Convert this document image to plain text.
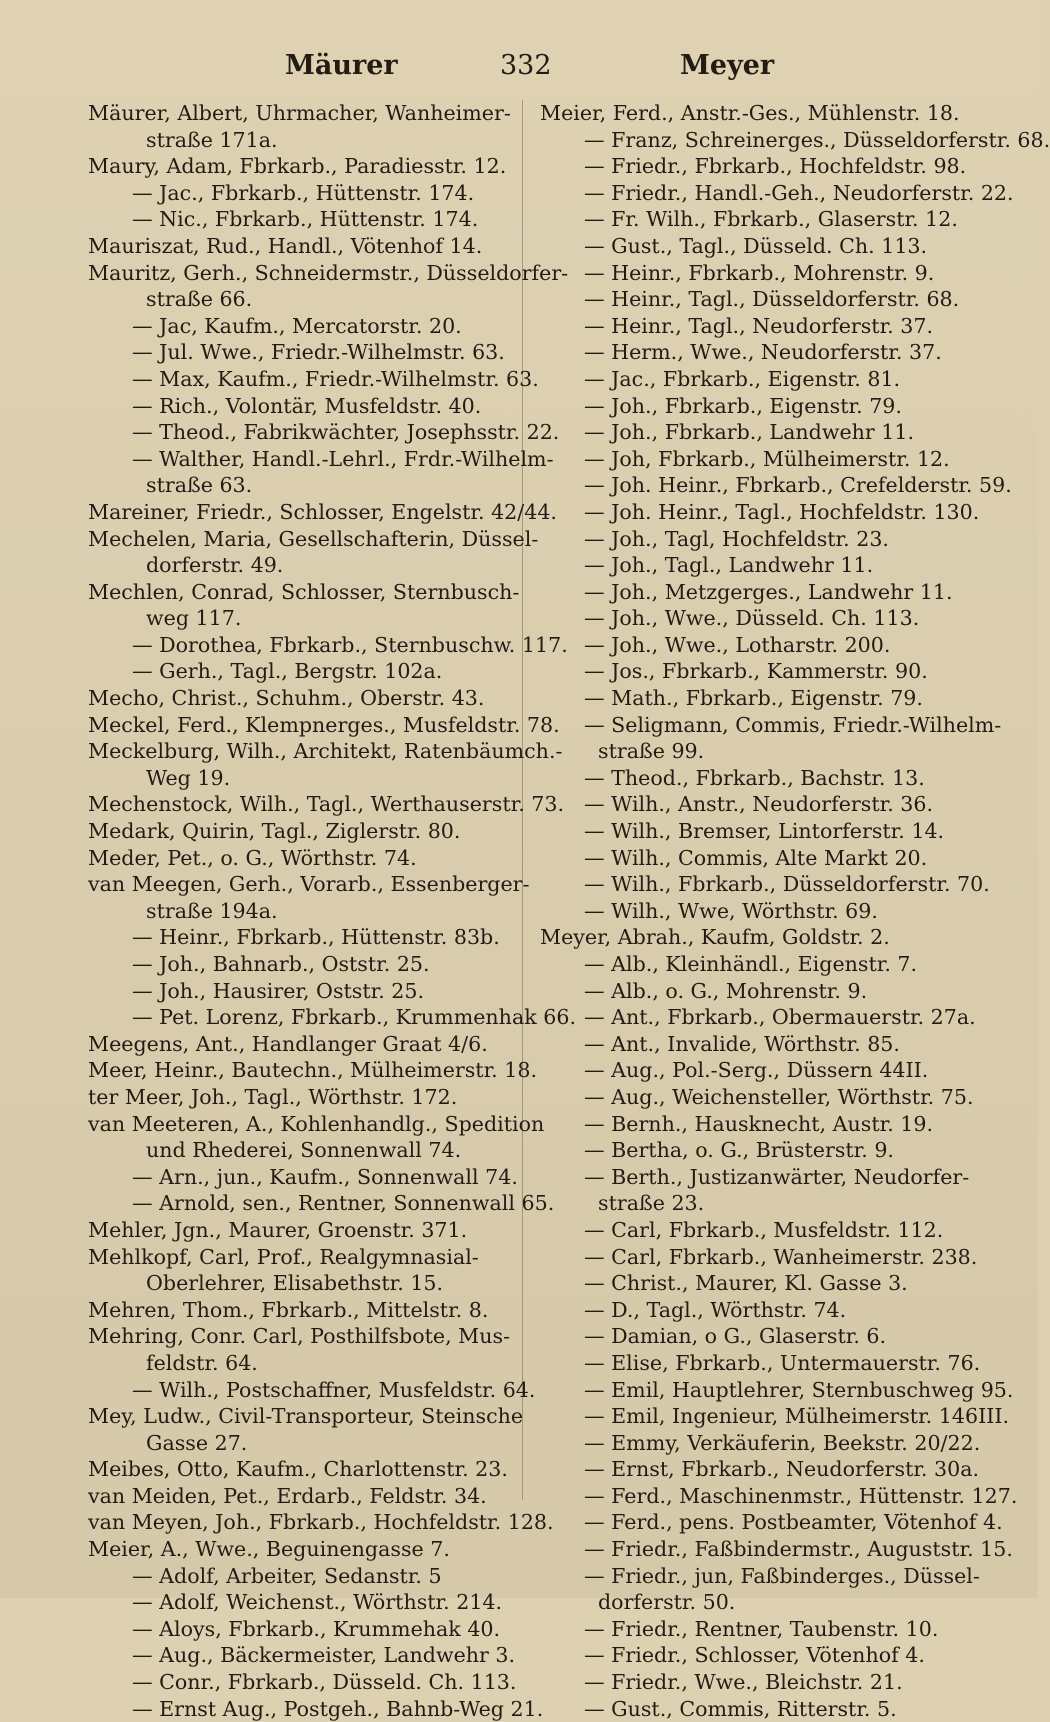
Mäurer	332	Meyer
Mäurer, Albert, Uhrmacher, Wanheimer-
straße 171a.
Maury, Adam, Fbrkarb., Paradiesstr. 12.
— Jac., Fbrkarb., Hüttenstr. 174.
— Nic., Fbrkarb., Hüttenstr. 174.
Mauriszat, Rud., Handl., Vötenhof 14.
Mauritz, Gerh., Schneidermstr., Düsseldorfer-
straße 66.
— Jac, Kaufm., Mercatorstr. 20.
— Jul. Wwe., Friedr.-Wilhelmstr. 63.
— Max, Kaufm., Friedr.-Wilhelmstr. 63.
— Rich., Volontär, Musfeldstr. 40.
— Theod., Fabrikwächter, Josephsstr. 22.
— Walther, Handl.-Lehrl., Frdr.-Wilhelm-
straße 63.
Mareiner, Friedr., Schlosser, Engelstr. 42/44.
Mechelen, Maria, Gesellschafterin, Düssel-
dorferstr. 49.
Mechlen, Conrad, Schlosser, Sternbusch-
weg 117.
— Dorothea, Fbrkarb., Sternbuschw. 117.
— Gerh., Tagl., Bergstr. 102a.
Mecho, Christ., Schuhm., Oberstr. 43.
Meckel, Ferd., Klempnerges., Musfeldstr. 78.
Meckelburg, Wilh., Architekt, Ratenbäumch.-
Weg 19.
Mechenstock, Wilh., Tagl., Werthauserstr. 73.
Medark, Quirin, Tagl., Ziglerstr. 80.
Meder, Pet., o. G., Wörthstr. 74.
van Meegen, Gerh., Vorarb., Essenberger-
straße 194a.
— Heinr., Fbrkarb., Hüttenstr. 83b.
— Joh., Bahnarb., Oststr. 25.
— Joh., Hausirer, Oststr. 25.
— Pet. Lorenz, Fbrkarb., Krummenhak 66.
Meegens, Ant., Handlanger Graat 4/6.
Meer, Heinr., Bautechn., Mülheimerstr. 18.
ter Meer, Joh., Tagl., Wörthstr. 172.
van Meeteren, A., Kohlenhandlg., Spedition
und Rhederei, Sonnenwall 74.
— Arn., jun., Kaufm., Sonnenwall 74.
— Arnold, sen., Rentner, Sonnenwall 65.
Mehler, Jgn., Maurer, Groenstr. 371.
Mehlkopf, Carl, Prof., Realgymnasial-
Oberlehrer, Elisabethstr. 15.
Mehren, Thom., Fbrkarb., Mittelstr. 8.
Mehring, Conr. Carl, Posthilfsbote, Mus-
feldstr. 64.
— Wilh., Postschaffner, Musfeldstr. 64.
Mey, Ludw., Civil-Transporteur, Steinsche
Gasse 27.
Meibes, Otto, Kaufm., Charlottenstr. 23.
van Meiden, Pet., Erdarb., Feldstr. 34.
van Meyen, Joh., Fbrkarb., Hochfeldstr. 128.
Meier, A., Wwe., Beguinengasse 7.
— Adolf, Arbeiter, Sedanstr. 5
— Adolf, Weichenst., Wörthstr. 214.
— Aloys, Fbrkarb., Krummehak 40.
— Aug., Bäckermeister, Landwehr 3.
— Conr., Fbrkarb., Düsseld. Ch. 113.
— Ernst Aug., Postgeh., Bahnb-Weg 21.
Meier, Ferd., Anstr.-Ges., Mühlenstr. 18.
— Franz, Schreinerges., Düsseldorferstr. 68.
— Friedr., Fbrkarb., Hochfeldstr. 98.
— Friedr., Handl.-Geh., Neudorferstr. 22.
— Fr. Wilh., Fbrkarb., Glaserstr. 12.
— Gust., Tagl., Düsseld. Ch. 113.
— Heinr., Fbrkarb., Mohrenstr. 9.
— Heinr., Tagl., Düsseldorferstr. 68.
— Heinr., Tagl., Neudorferstr. 37.
— Herm., Wwe., Neudorferstr. 37.
— Jac., Fbrkarb., Eigenstr. 81.
— Joh., Fbrkarb., Eigenstr. 79.
— Joh., Fbrkarb., Landwehr 11.
— Joh, Fbrkarb., Mülheimerstr. 12.
— Joh. Heinr., Fbrkarb., Crefelderstr. 59.
— Joh. Heinr., Tagl., Hochfeldstr. 130.
— Joh., Tagl, Hochfeldstr. 23.
— Joh., Tagl., Landwehr 11.
— Joh., Metzgerges., Landwehr 11.
— Joh., Wwe., Düsseld. Ch. 113.
— Joh., Wwe., Lotharstr. 200.
— Jos., Fbrkarb., Kammerstr. 90.
— Math., Fbrkarb., Eigenstr. 79.
— Seligmann, Commis, Friedr.-Wilhelm-
straße 99.
— Theod., Fbrkarb., Bachstr. 13.
— Wilh., Anstr., Neudorferstr. 36.
— Wilh., Bremser, Lintorferstr. 14.
— Wilh., Commis, Alte Markt 20.
— Wilh., Fbrkarb., Düsseldorferstr. 70.
— Wilh., Wwe, Wörthstr. 69.
Meyer, Abrah., Kaufm, Goldstr. 2.
— Alb., Kleinhändl., Eigenstr. 7.
— Alb., o. G., Mohrenstr. 9.
— Ant., Fbrkarb., Obermauerstr. 27a.
— Ant., Invalide, Wörthstr. 85.
— Aug., Pol.-Serg., Düssern 44II.
— Aug., Weichensteller, Wörthstr. 75.
— Bernh., Hausknecht, Austr. 19.
— Bertha, o. G., Brüsterstr. 9.
— Berth., Justizanwärter, Neudorfer-
straße 23.
— Carl, Fbrkarb., Musfeldstr. 112.
— Carl, Fbrkarb., Wanheimerstr. 238.
— Christ., Maurer, Kl. Gasse 3.
— D., Tagl., Wörthstr. 74.
— Damian, o G., Glaserstr. 6.
— Elise, Fbrkarb., Untermauerstr. 76.
— Emil, Hauptlehrer, Sternbuschweg 95.
— Emil, Ingenieur, Mülheimerstr. 146III.
— Emmy, Verkäuferin, Beekstr. 20/22.
— Ernst, Fbrkarb., Neudorferstr. 30a.
— Ferd., Maschinenmstr., Hüttenstr. 127.
— Ferd., pens. Postbeamter, Vötenhof 4.
— Friedr., Faßbindermstr., Auguststr. 15.
— Friedr., jun, Faßbinderges., Düssel-
dorferstr. 50.
— Friedr., Rentner, Taubenstr. 10.
— Friedr., Schlosser, Vötenhof 4.
— Friedr., Wwe., Bleichstr. 21.
— Gust., Commis, Ritterstr. 5.
